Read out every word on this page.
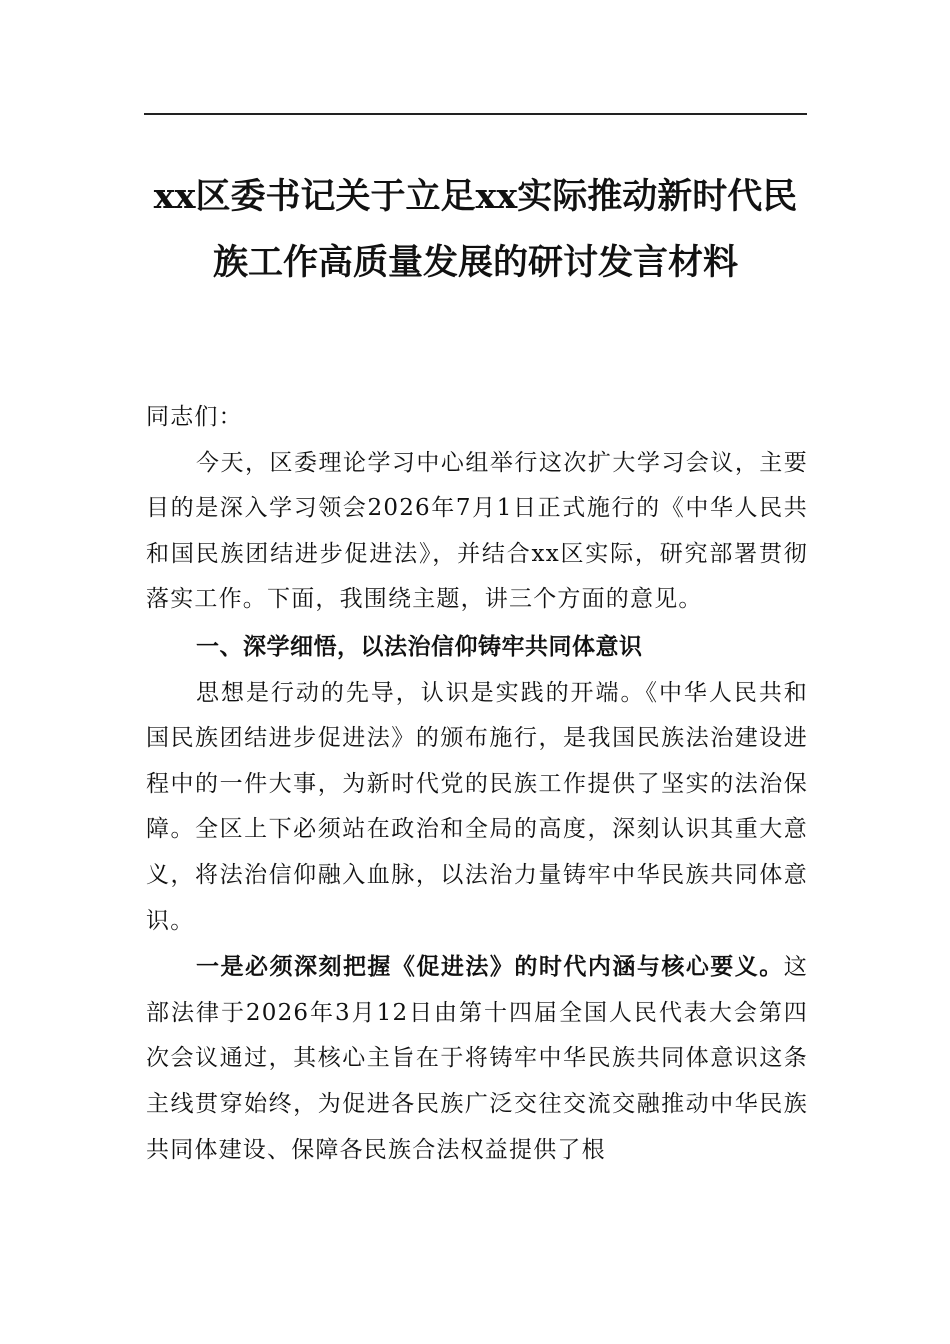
xx区委书记关于立足xx实际推动新时代民
族工作高质量发展的研讨发言材料

同志们：

今天，区委理论学习中心组举行这次扩大学习会议，主要目的是深入学习领会2026年7月1日正式施行的《中华人民共和国民族团结进步促进法》，并结合xx区实际，研究部署贯彻落实工作。下面，我围绕主题，讲三个方面的意见。

一、深学细悟，以法治信仰铸牢共同体意识

思想是行动的先导，认识是实践的开端。《中华人民共和国民族团结进步促进法》的颁布施行，是我国民族法治建设进程中的一件大事，为新时代党的民族工作提供了坚实的法治保障。全区上下必须站在政治和全局的高度，深刻认识其重大意义，将法治信仰融入血脉，以法治力量铸牢中华民族共同体意识。

一是必须深刻把握《促进法》的时代内涵与核心要义。这部法律于2026年3月12日由第十四届全国人民代表大会第四次会议通过，其核心主旨在于将铸牢中华民族共同体意识这条主线贯穿始终，为促进各民族广泛交往交流交融推动中华民族共同体建设、保障各民族合法权益提供了根
